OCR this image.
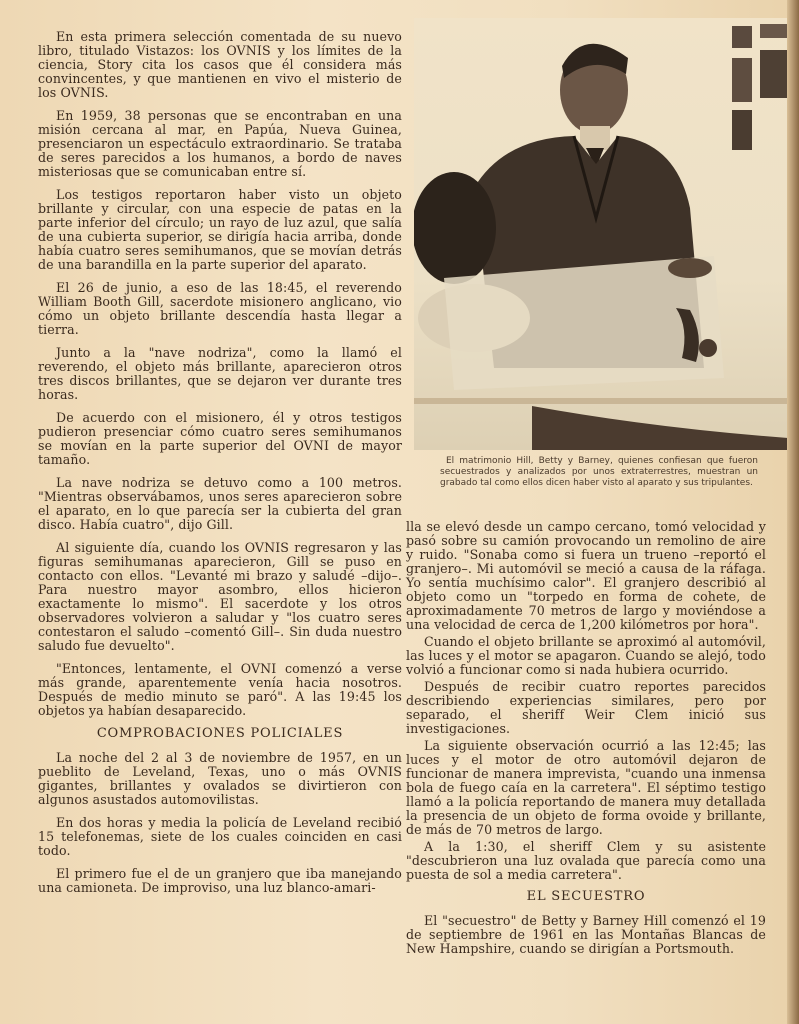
En esta primera selección comentada de su nuevo libro, titulado Vistazos: los OVNIS y los límites de la ciencia, Story cita los casos que él considera más convincentes, y que mantienen en vivo el misterio de los OVNIS.

En 1959, 38 personas que se encontraban en una misión cercana al mar, en Papúa, Nueva Guinea, presenciaron un espectáculo extraordinario. Se trataba de seres parecidos a los humanos, a bordo de naves misteriosas que se comunicaban entre sí.

Los testigos reportaron haber visto un objeto brillante y circular, con una especie de patas en la parte inferior del círculo; un rayo de luz azul, que salía de una cubierta superior, se dirigía hacia arriba, donde había cuatro seres semihumanos, que se movían detrás de una barandilla en la parte superior del aparato.

El 26 de junio, a eso de las 18:45, el reverendo William Booth Gill, sacerdote misionero anglicano, vio cómo un objeto brillante descendía hasta llegar a tierra.

Junto a la "nave nodriza", como la llamó el reverendo, el objeto más brillante, aparecieron otros tres discos brillantes, que se dejaron ver durante tres horas.

De acuerdo con el misionero, él y otros testigos pudieron presenciar cómo cuatro seres semihumanos se movían en la parte superior del OVNI de mayor tamaño.

La nave nodriza se detuvo como a 100 metros. "Mientras observábamos, unos seres aparecieron sobre el aparato, en lo que parecía ser la cubierta del gran disco. Había cuatro", dijo Gill.

Al siguiente día, cuando los OVNIS regresaron y las figuras semihumanas aparecieron, Gill se puso en contacto con ellos. "Levanté mi brazo y saludé –dijo–. Para nuestro mayor asombro, ellos hicieron exactamente lo mismo". El sacerdote y los otros observadores volvieron a saludar y "los cuatro seres contestaron el saludo –comentó Gill–. Sin duda nuestro saludo fue devuelto".

"Entonces, lentamente, el OVNI comenzó a verse más grande, aparentemente venía hacia nosotros. Después de medio minuto se paró". A las 19:45 los objetos ya habían desaparecido.

COMPROBACIONES POLICIALES

La noche del 2 al 3 de noviembre de 1957, en un pueblito de Leveland, Texas, uno o más OVNIS gigantes, brillantes y ovalados se divirtieron con algunos asustados automovilistas.

En dos horas y media la policía de Leveland recibió 15 telefonemas, siete de los cuales coinciden en casi todo.

El primero fue el de un granjero que iba manejando una camioneta. De improviso, una luz blanco-amari-

El matrimonio Hill, Betty y Barney, quienes confiesan que fueron secuestrados y analizados por unos extraterrestres, muestran un grabado tal como ellos dicen haber visto al aparato y sus tripulantes.

lla se elevó desde un campo cercano, tomó velocidad y pasó sobre su camión provocando un remolino de aire y ruido. "Sonaba como si fuera un trueno –reportó el granjero–. Mi automóvil se meció a causa de la ráfaga. Yo sentía muchísimo calor". El granjero describió al objeto como un "torpedo en forma de cohete, de aproximadamente 70 metros de largo y moviéndose a una velocidad de cerca de 1,200 kilómetros por hora".

Cuando el objeto brillante se aproximó al automóvil, las luces y el motor se apagaron. Cuando se alejó, todo volvió a funcionar como si nada hubiera ocurrido.

Después de recibir cuatro reportes parecidos describiendo experiencias similares, pero por separado, el sheriff Weir Clem inició sus investigaciones.

La siguiente observación ocurrió a las 12:45; las luces y el motor de otro automóvil dejaron de funcionar de manera imprevista, "cuando una inmensa bola de fuego caía en la carretera". El séptimo testigo llamó a la policía reportando de manera muy detallada la presencia de un objeto de forma ovoide y brillante, de más de 70 metros de largo.

A la 1:30, el sheriff Clem y su asistente "descubrieron una luz ovalada que parecía como una puesta de sol a media carretera".

EL SECUESTRO

El "secuestro" de Betty y Barney Hill comenzó el 19 de septiembre de 1961 en las Montañas Blancas de New Hampshire, cuando se dirigían a Portsmouth.
